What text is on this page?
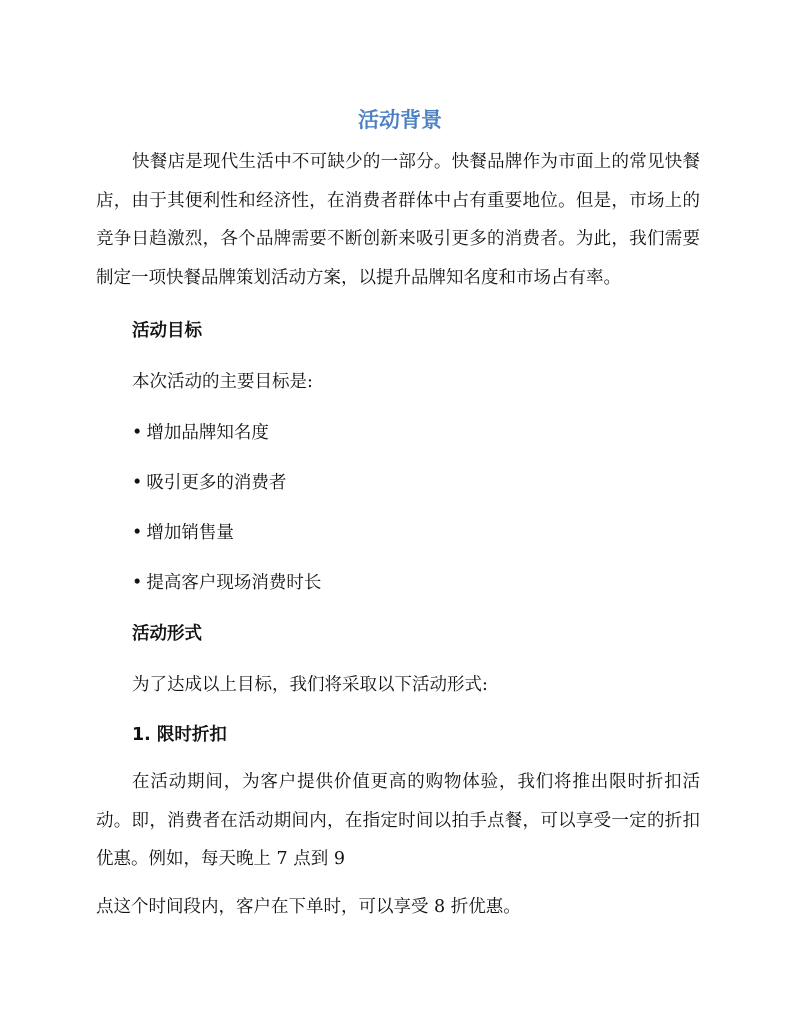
活动背景

快餐店是现代生活中不可缺少的一部分。快餐品牌作为市面上的常见快餐店，由于其便利性和经济性，在消费者群体中占有重要地位。但是，市场上的竞争日趋激烈，各个品牌需要不断创新来吸引更多的消费者。为此，我们需要制定一项快餐品牌策划活动方案，以提升品牌知名度和市场占有率。

活动目标
本次活动的主要目标是:
• 增加品牌知名度
• 吸引更多的消费者
• 增加销售量
• 提高客户现场消费时长
活动形式
为了达成以上目标，我们将采取以下活动形式:
1. 限时折扣

在活动期间，为客户提供价值更高的购物体验，我们将推出限时折扣活动。即，消费者在活动期间内，在指定时间以拍手点餐，可以享受一定的折扣优惠。例如，每天晚上 7 点到 9

点这个时间段内，客户在下单时，可以享受 8 折优惠。
